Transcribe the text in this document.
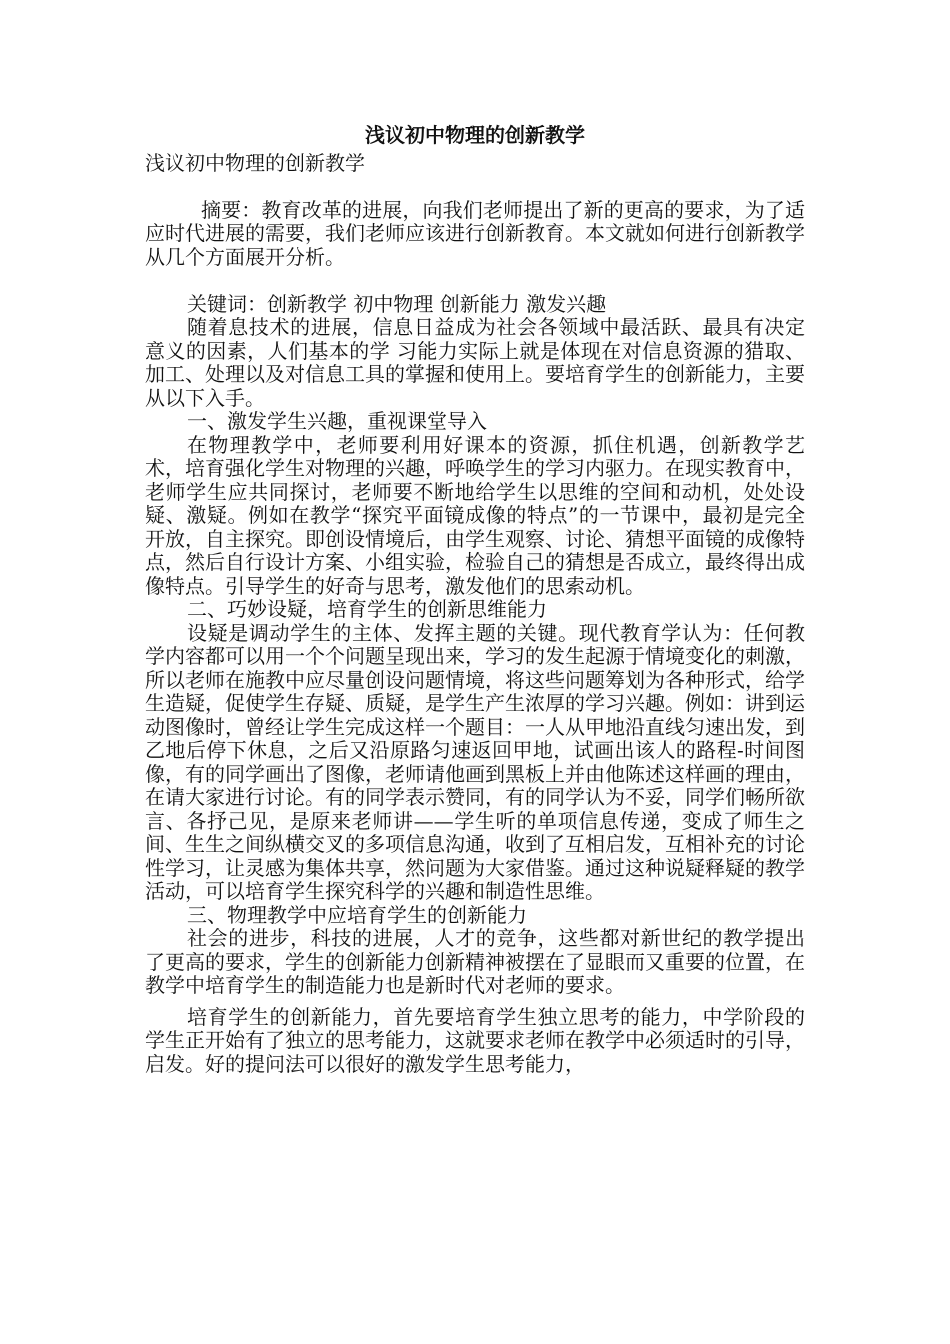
浅议初中物理的创新教学
浅议初中物理的创新教学

摘要：教育改革的进展，向我们老师提出了新的更高的要求，为了适应时代进展的需要，我们老师应该进行创新教育。本文就如何进行创新教学从几个方面展开分析。

关键词：创新教学 初中物理 创新能力 激发兴趣

随着息技术的进展，信息日益成为社会各领域中最活跃、最具有决定意义的因素，人们基本的学 习能力实际上就是体现在对信息资源的猎取、加工、处理以及对信息工具的掌握和使用上。要培育学生的创新能力，主要从以下入手。

一、激发学生兴趣，重视课堂导入

在物理教学中，老师要利用好课本的资源，抓住机遇，创新教学艺术，培育强化学生对物理的兴趣，呼唤学生的学习内驱力。在现实教育中，老师学生应共同探讨，老师要不断地给学生以思维的空间和动机，处处设疑、激疑。例如在教学“探究平面镜成像的特点”的一节课中，最初是完全开放，自主探究。即创设情境后，由学生观察、讨论、猜想平面镜的成像特点，然后自行设计方案、小组实验，检验自己的猜想是否成立，最终得出成像特点。引导学生的好奇与思考，激发他们的思索动机。

二、巧妙设疑，培育学生的创新思维能力

设疑是调动学生的主体、发挥主题的关键。现代教育学认为：任何教学内容都可以用一个个问题呈现出来，学习的发生起源于情境变化的刺激，所以老师在施教中应尽量创设问题情境，将这些问题筹划为各种形式，给学生造疑，促使学生存疑、质疑，是学生产生浓厚的学习兴趣。例如：讲到运动图像时，曾经让学生完成这样一个题目：一人从甲地沿直线匀速出发，到乙地后停下休息，之后又沿原路匀速返回甲地，试画出该人的路程-时间图像，有的同学画出了图像，老师请他画到黑板上并由他陈述这样画的理由，在请大家进行讨论。有的同学表示赞同，有的同学认为不妥，同学们畅所欲言、各抒己见，是原来老师讲——学生听的单项信息传递，变成了师生之间、生生之间纵横交叉的多项信息沟通，收到了互相启发，互相补充的讨论性学习，让灵感为集体共享，然问题为大家借鉴。通过这种说疑释疑的教学活动，可以培育学生探究科学的兴趣和制造性思维。

三、物理教学中应培育学生的创新能力

社会的进步，科技的进展，人才的竞争，这些都对新世纪的教学提出了更高的要求，学生的创新能力创新精神被摆在了显眼而又重要的位置，在教学中培育学生的制造能力也是新时代对老师的要求。

培育学生的创新能力，首先要培育学生独立思考的能力，中学阶段的学生正开始有了独立的思考能力，这就要求老师在教学中必须适时的引导，启发。好的提问法可以很好的激发学生思考能力，
